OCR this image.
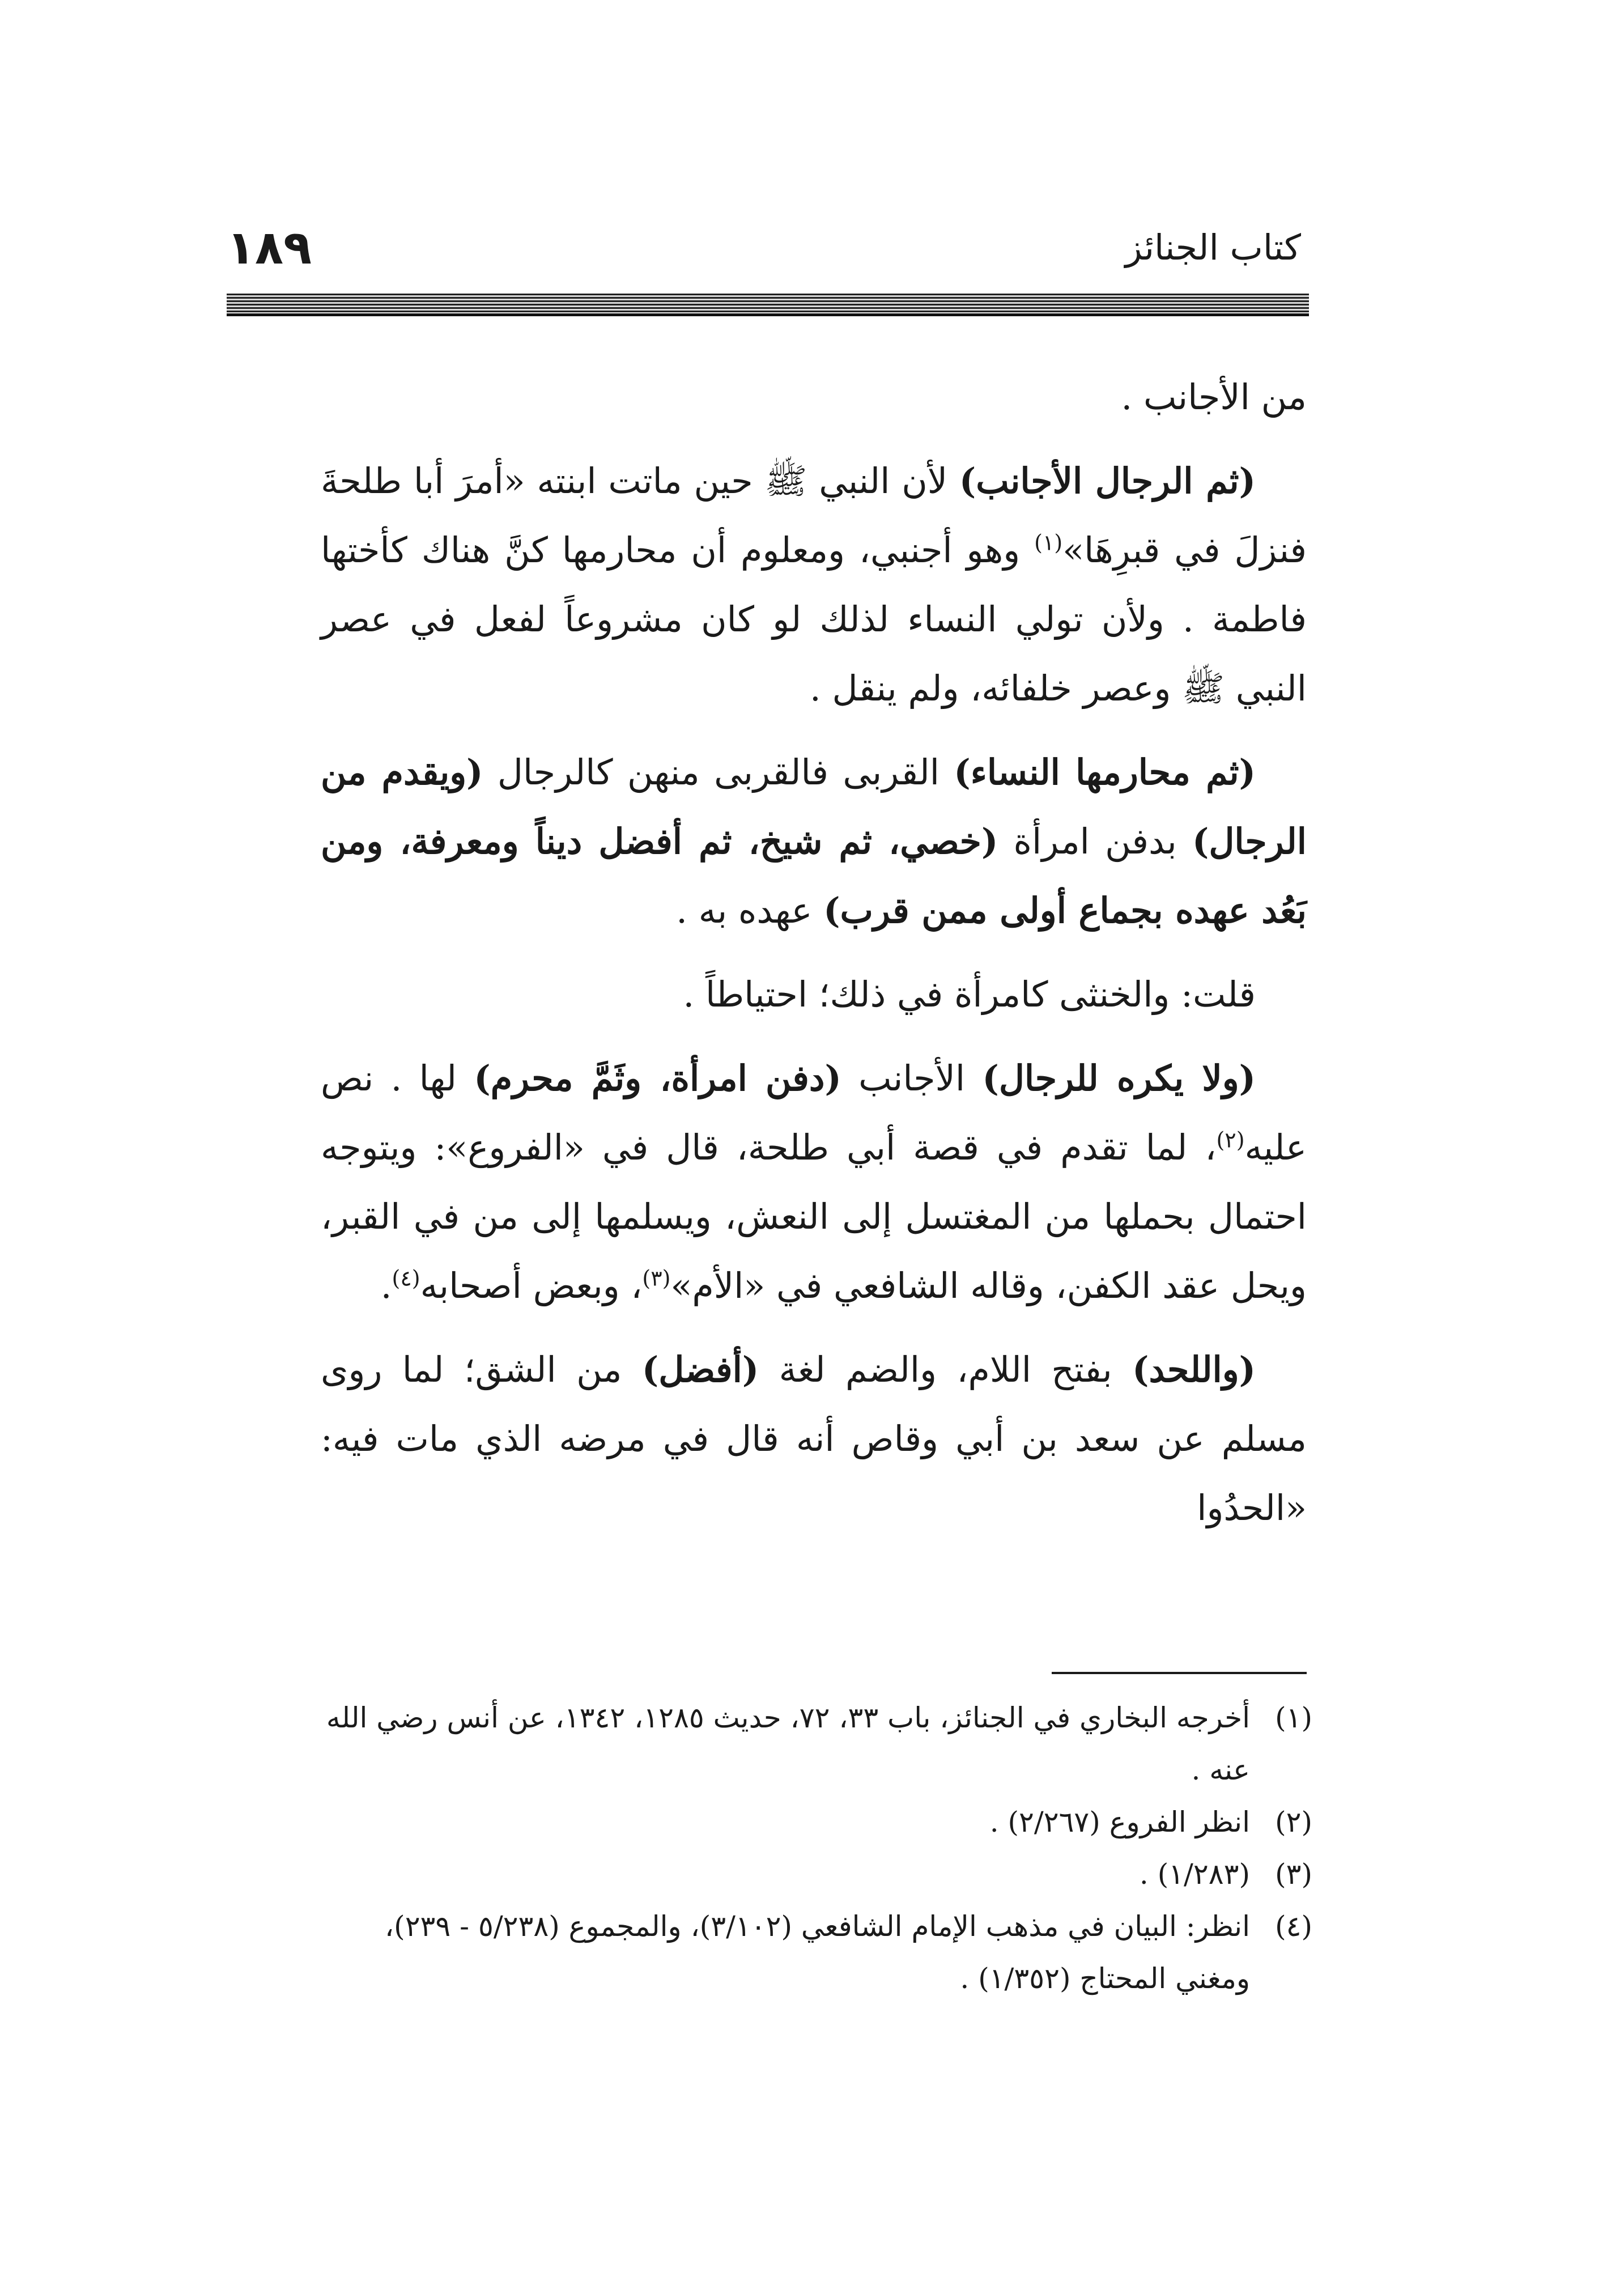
كتاب الجنائز
١٨٩

من الأجانب .

(ثم الرجال الأجانب) لأن النبي ﷺ حين ماتت ابنته «أمرَ أبا طلحةَ فنزلَ في قبرِهَا»$^{(١)}$ وهو أجنبي، ومعلوم أن محارمها كنَّ هناك كأختها فاطمة . ولأن تولي النساء لذلك لو كان مشروعاً لفعل في عصر النبي ﷺ وعصر خلفائه، ولم ينقل .

(ثم محارمها النساء) القربى فالقربى منهن كالرجال (ويقدم من الرجال) بدفن امرأة (خصي، ثم شيخ، ثم أفضل ديناً ومعرفة، ومن بَعُد عهده بجماع أولى ممن قرب) عهده به .

قلت: والخنثى كامرأة في ذلك؛ احتياطاً .

(ولا يكره للرجال) الأجانب (دفن امرأة، وثَمَّ محرم) لها . نص عليه$^{(٢)}$، لما تقدم في قصة أبي طلحة، قال في «الفروع»: ويتوجه احتمال بحملها من المغتسل إلى النعش، ويسلمها إلى من في القبر، ويحل عقد الكفن، وقاله الشافعي في «الأم»$^{(٣)}$، وبعض أصحابه$^{(٤)}$.

(واللحد) بفتح اللام، والضم لغة (أفضل) من الشق؛ لما روى مسلم عن سعد بن أبي وقاص أنه قال في مرضه الذي مات فيه: «الحدُوا

(١)
أخرجه البخاري في الجنائز، باب ٣٣، ٧٢، حديث ١٢٨٥، ١٣٤٢، عن أنس رضي الله عنه .
(٢)
انظر الفروع (٢/٢٦٧) .
(٣)
(١/٢٨٣) .
(٤)
انظر: البيان في مذهب الإمام الشافعي (٣/١٠٢)، والمجموع (٥/٢٣٨ - ٢٣٩)، ومغني المحتاج (١/٣٥٢) .
